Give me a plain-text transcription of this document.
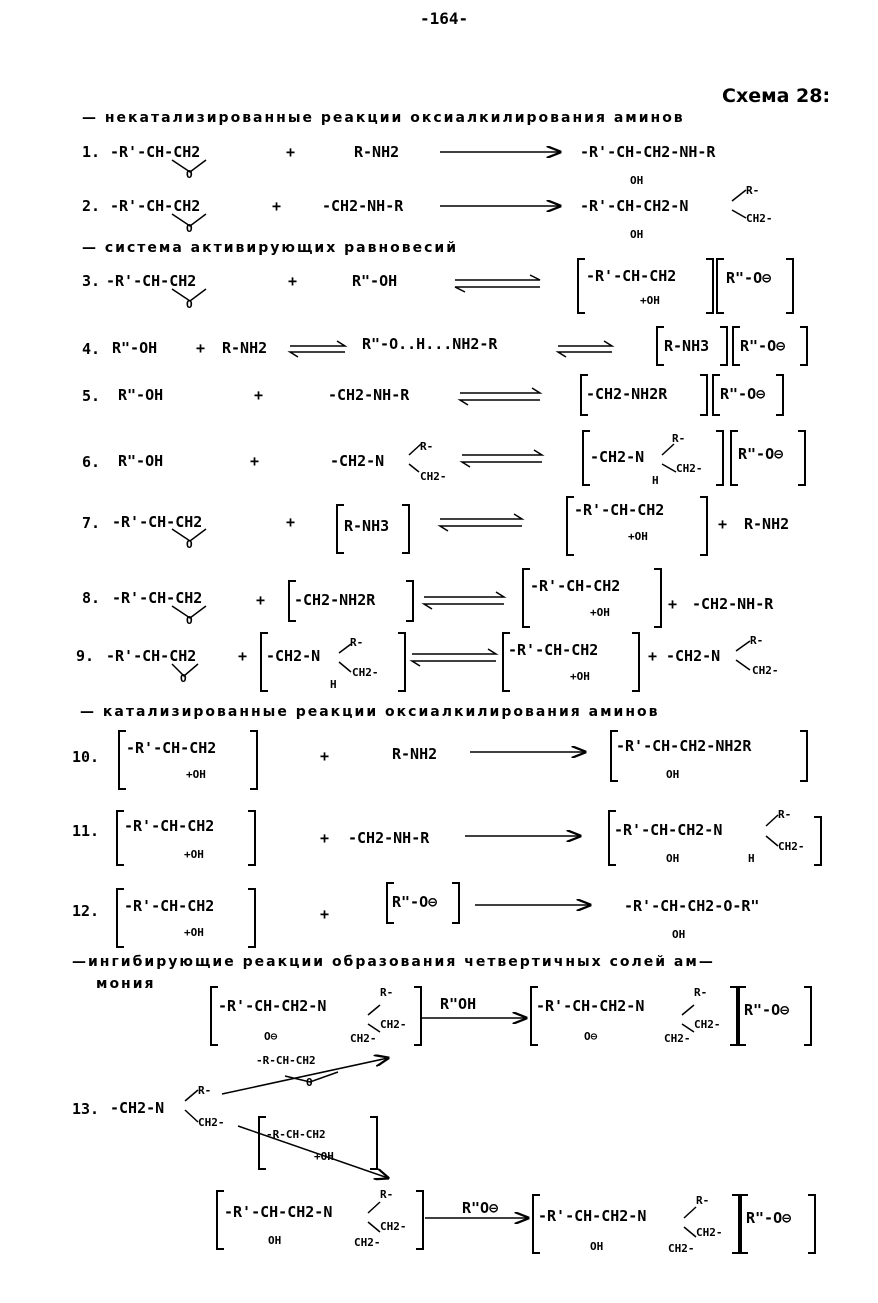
-164-
Схема 28:
— некатализированные реакции оксиалкилирования аминов
1. -R'-CH-CH2
O
+	R-NH2	-R'-CH-CH2-NH-R
OH
2. -R'-CH-CH2
O
+	-CH2-NH-R	-R'-CH-CH2-N
R-
CH2-
OH
— система активирующих равновесий
3. -R'-CH-CH2
O
+	R"-OH	-R'-CH-CH2
+OH
R"-O⊖
4. R"-OH	+ R-NH2	R"-O..H...NH2-R	R-NH3 R"-O⊖
5. R"-OH	+	-CH2-NH-R	-CH2-NH2R	R"-O⊖
6. R"-OH	+	-CH2-N
R-
CH2-
-CH2-N
R-
CH2-
H
R"-O⊖
7. -R'-CH-CH2
O
+	R-NH3
-R'-CH-CH2
+OH
+ R-NH2
8. -R'-CH-CH2
O
+ -CH2-NH2R
-R'-CH-CH2
+OH	+ -CH2-NH-R
9. -R'-CH-CH2
O
+ -CH2-N
R-
CH2-
H
-R'-CH-CH2
+OH
+ -CH2-N
R-
CH2-
— катализированные реакции оксиалкилирования аминов
10. -R'-CH-CH2
+OH
+	R-NH2	-R'-CH-CH2-NH2R
OH
11. -R'-CH-CH2
+OH
+ -CH2-NH-R	-R'-CH-CH2-N
R-
CH2-
OH	H
12. -R'-CH-CH2
+OH
+
R"-O⊖	-R'-CH-CH2-O-R"
OH
—ингибирующие реакции образования четвертичных солей ам—
мония
-R'-CH-CH2-N
R-
CH2-
O⊖	CH2-
R"OH	-R'-CH-CH2-N
R-
CH2-
O⊖	CH2-
R"-O⊖
-R-CH-CH2
O
13. -CH2-N
R-
CH2-
-R-CH-CH2
+OH
-R'-CH-CH2-N
R-
CH2-
OH	CH2-
R"O⊖	-R'-CH-CH2-N
R-
CH2-
OH	CH2-
R"-O⊖
